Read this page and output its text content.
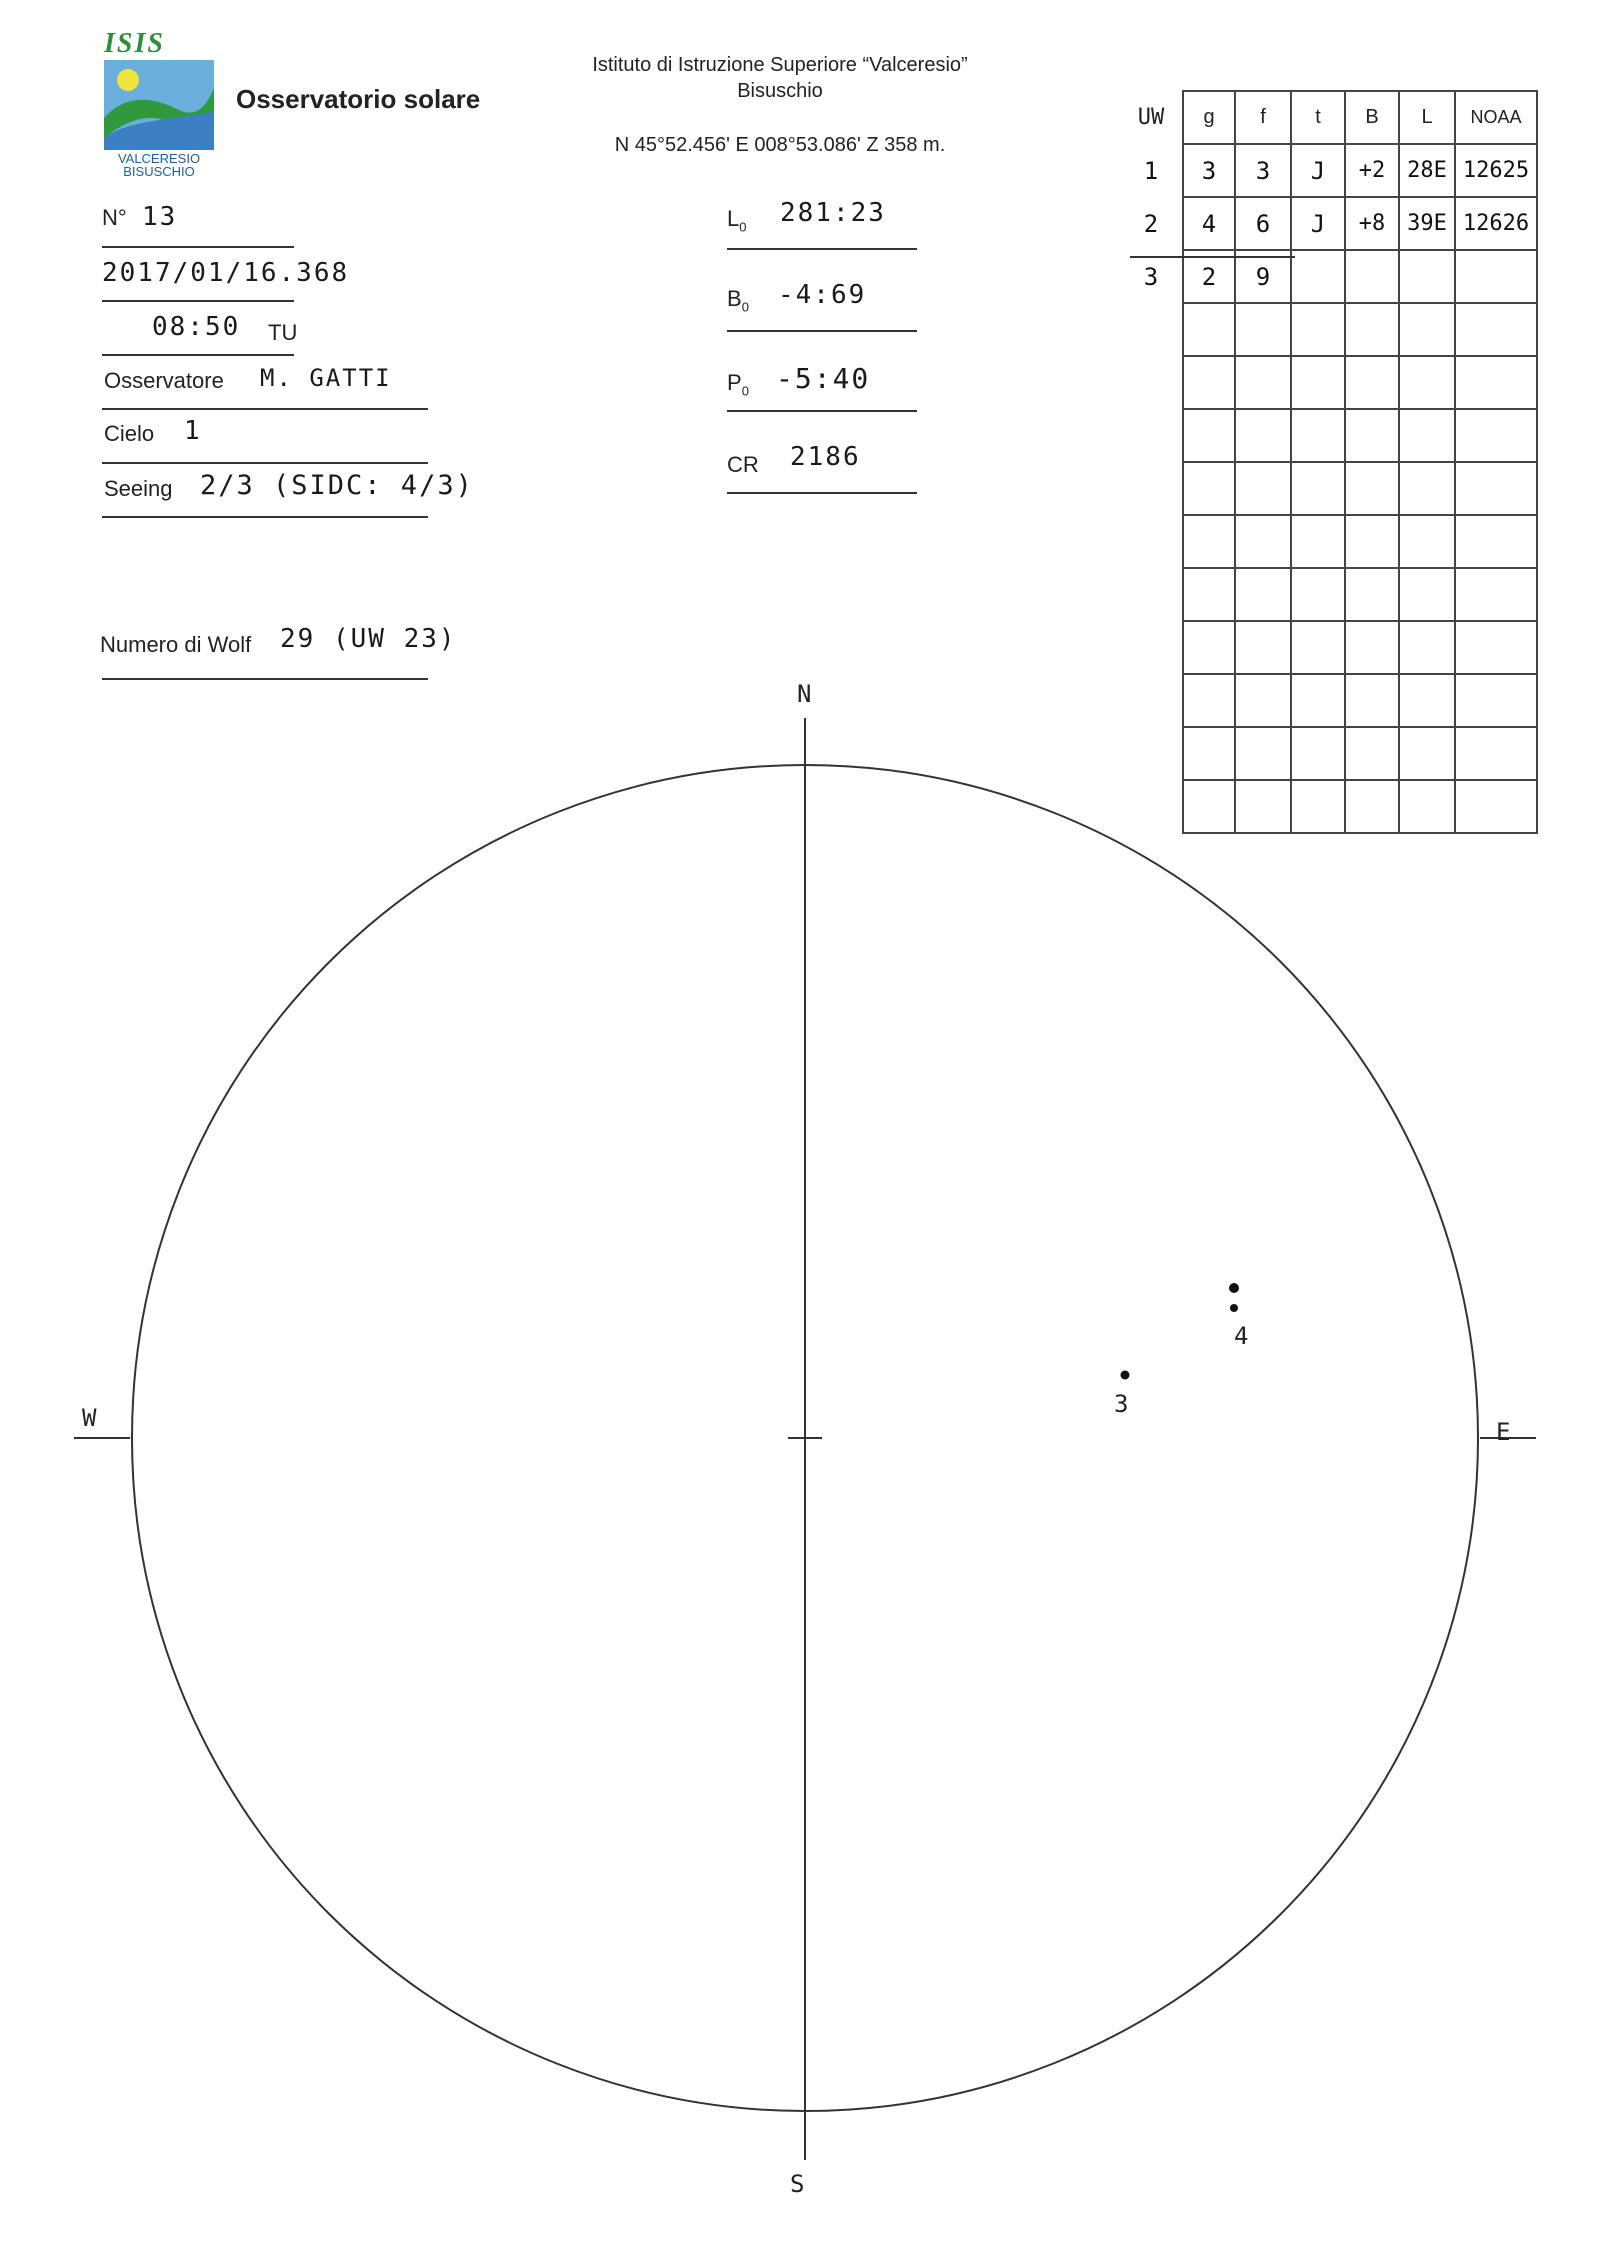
ISIS
VALCERESIO
BISUSCHIO
Osservatorio solare
Istituto di Istruzione Superiore “Valceresio”
Bisuschio
N 45°52.456' E 008°53.086' Z 358 m.
N° 13
2017/01/16.368
08:50 TU
Osservatore M. GATTI
Cielo 1
Seeing 2/3 (SIDC: 4/3)
Numero di Wolf 29 (UW 23)
$L_0$ 281:23
$B_0$ -4:69
$P_0$ -5:40
CR 2186
UW	g	f	t	B	L	NOAA
1	3	3	J	+2	28E	12625
2	4	6	J	+8	39E	12626
3	2	9				

N
S
E
W
4
3
